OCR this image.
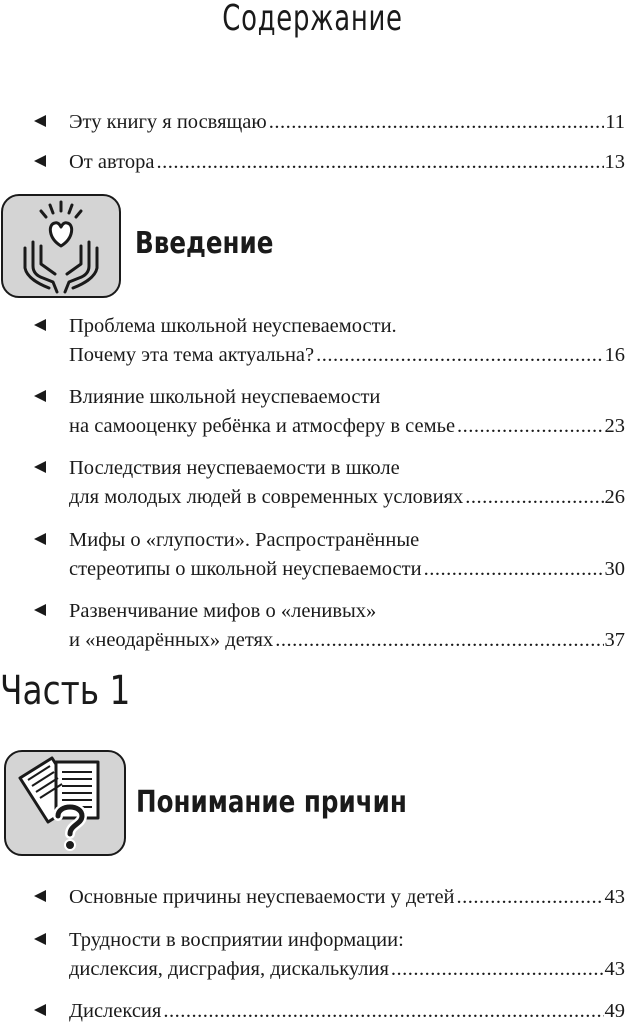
Содержание
Эту книгу я посвящаю .....	11
От автора .....	13
Введение
Проблема школьной неуспеваемости.
Почему эта тема актуальна? .....	16
Влияние школьной неуспеваемости
на самооценку ребёнка и атмосферу в семье .....	23
Последствия неуспеваемости в школе
для молодых людей в современных условиях .....	26
Мифы о «глупости». Распространённые
стереотипы о школьной неуспеваемости .....	30
Развенчивание мифов о «ленивых»
и «неодарённых» детях .....	37
Часть 1
Понимание причин
Основные причины неуспеваемости у детей .....	43
Трудности в восприятии информации:
дислексия, дисграфия, дискалькулия .....	43
Дислексия .....	49
